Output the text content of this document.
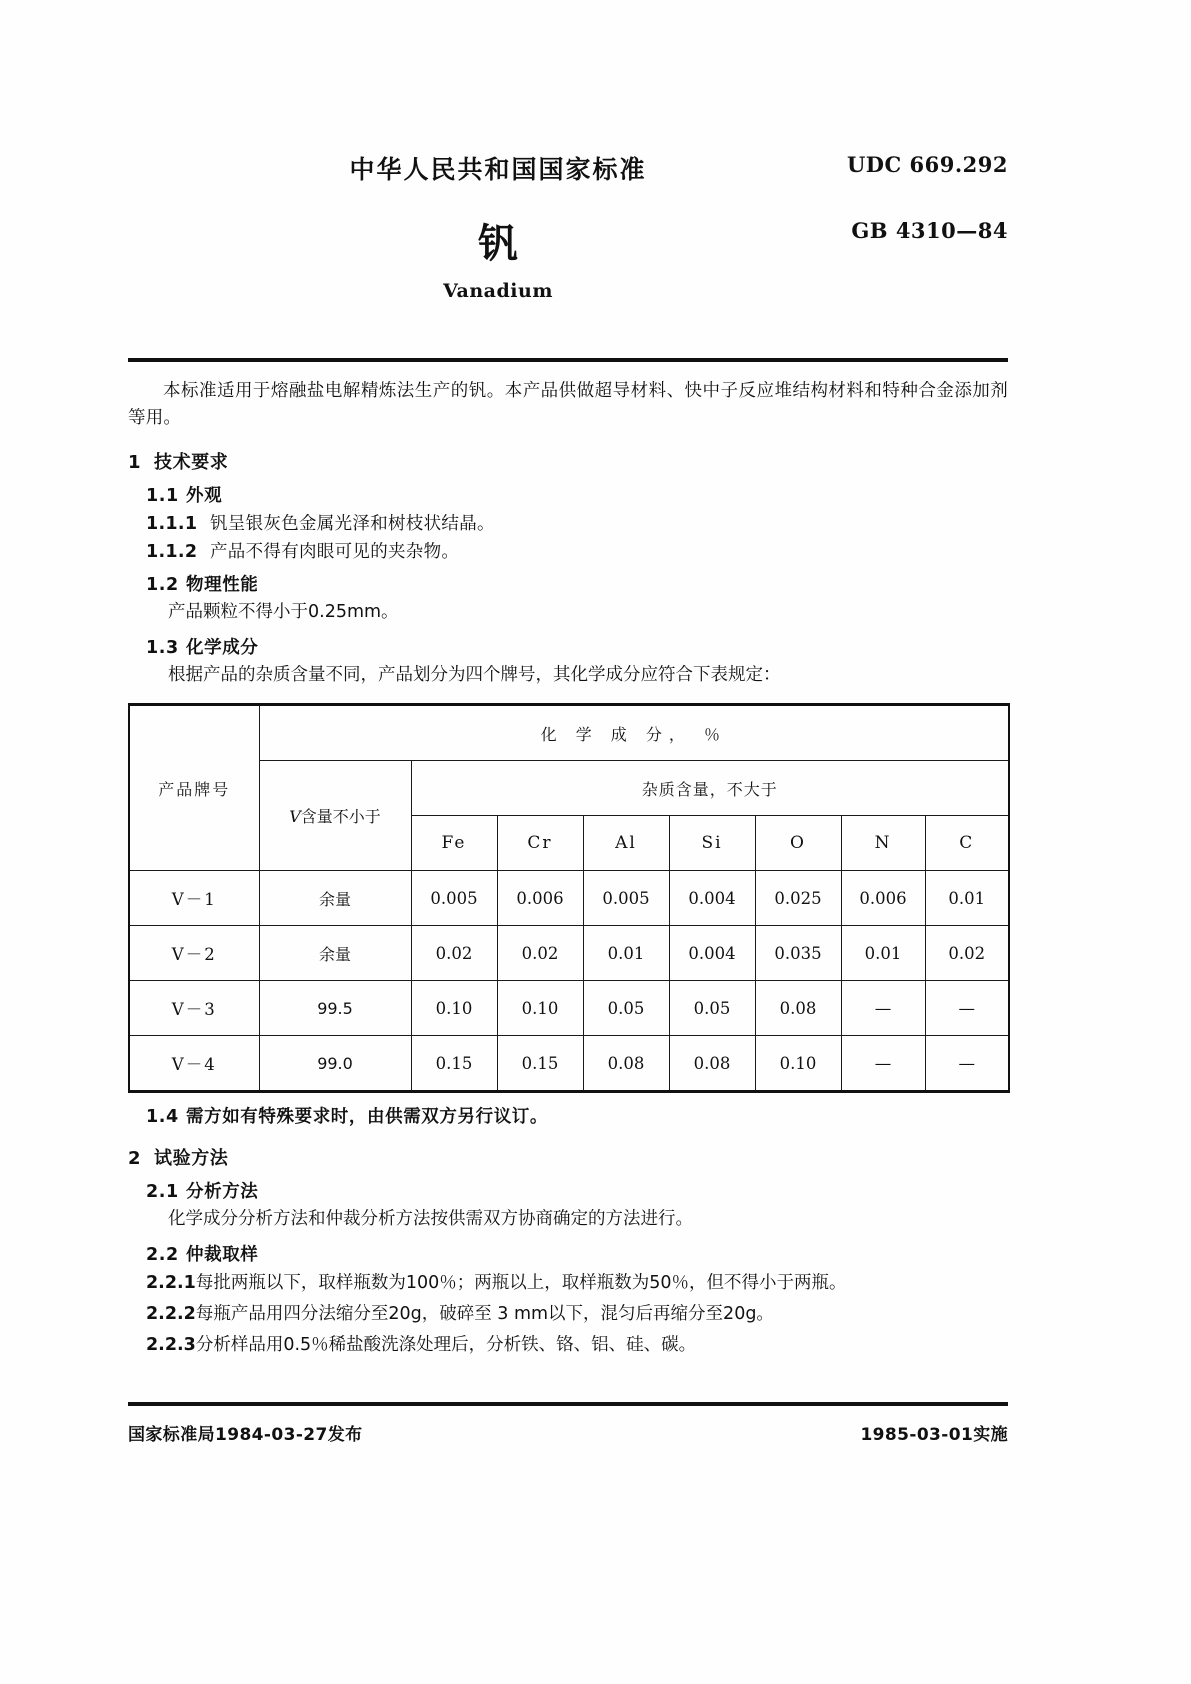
中华人民共和国国家标准	UDC 669.292
GB 4310—84
钒
Vanadium

本标准适用于熔融盐电解精炼法生产的钒。本产品供做超导材料、快中子反应堆结构材料和特种合金添加剂等用。

1 技术要求
1.1 外观
1.1.1 钒呈银灰色金属光泽和树枝状结晶。
1.1.2 产品不得有肉眼可见的夹杂物。
1.2 物理性能
产品颗粒不得小于0.25mm。
1.3 化学成分
根据产品的杂质含量不同，产品划分为四个牌号，其化学成分应符合下表规定：
产品牌号	化 学 成 分， ％							
	V含量不小于	杂质含量，不大于						
		Fe	Cr	Al	Si	O	N	C
V－1	余量	0.005	0.006	0.005	0.004	0.025	0.006	0.01
V－2	余量	0.02	0.02	0.01	0.004	0.035	0.01	0.02
V－3	99.5	0.10	0.10	0.05	0.05	0.08	—	—
V－4	99.0	0.15	0.15	0.08	0.08	0.10	—	—
1.4 需方如有特殊要求时，由供需双方另行议订。
2 试验方法
2.1 分析方法
化学成分分析方法和仲裁分析方法按供需双方协商确定的方法进行。
2.2 仲裁取样
2.2.1每批两瓶以下，取样瓶数为100％；两瓶以上，取样瓶数为50％，但不得小于两瓶。
2.2.2每瓶产品用四分法缩分至20g，破碎至 3 mm以下，混匀后再缩分至20g。
2.2.3分析样品用0.5％稀盐酸洗涤处理后，分析铁、铬、铝、硅、碳。
国家标准局1984-03-27发布	1985-03-01实施
